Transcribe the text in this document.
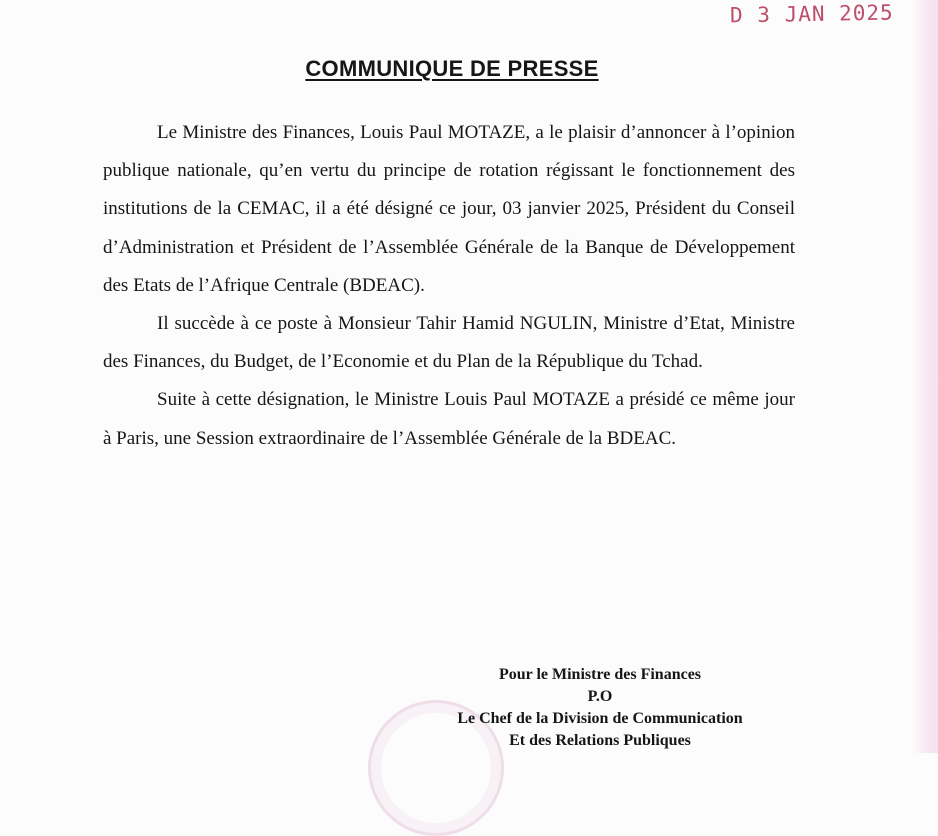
D 3 JAN 2025
COMMUNIQUE DE PRESSE

Le Ministre des Finances, Louis Paul MOTAZE, a le plaisir d’annoncer à l’opinion publique nationale, qu’en vertu du principe de rotation régissant le fonctionnement des institutions de la CEMAC, il a été désigné ce jour, 03 janvier 2025, Président du Conseil d’Administration et Président de l’Assemblée Générale de la Banque de Développement des Etats de l’Afrique Centrale (BDEAC).

Il succède à ce poste à Monsieur Tahir Hamid NGULIN, Ministre d’Etat, Ministre des Finances, du Budget, de l’Economie et du Plan de la République du Tchad.

Suite à cette désignation, le Ministre Louis Paul MOTAZE a présidé ce même jour à Paris, une Session extraordinaire de l’Assemblée Générale de la BDEAC.

Pour le Ministre des Finances
P.O
Le Chef de la Division de Communication
Et des Relations Publiques
